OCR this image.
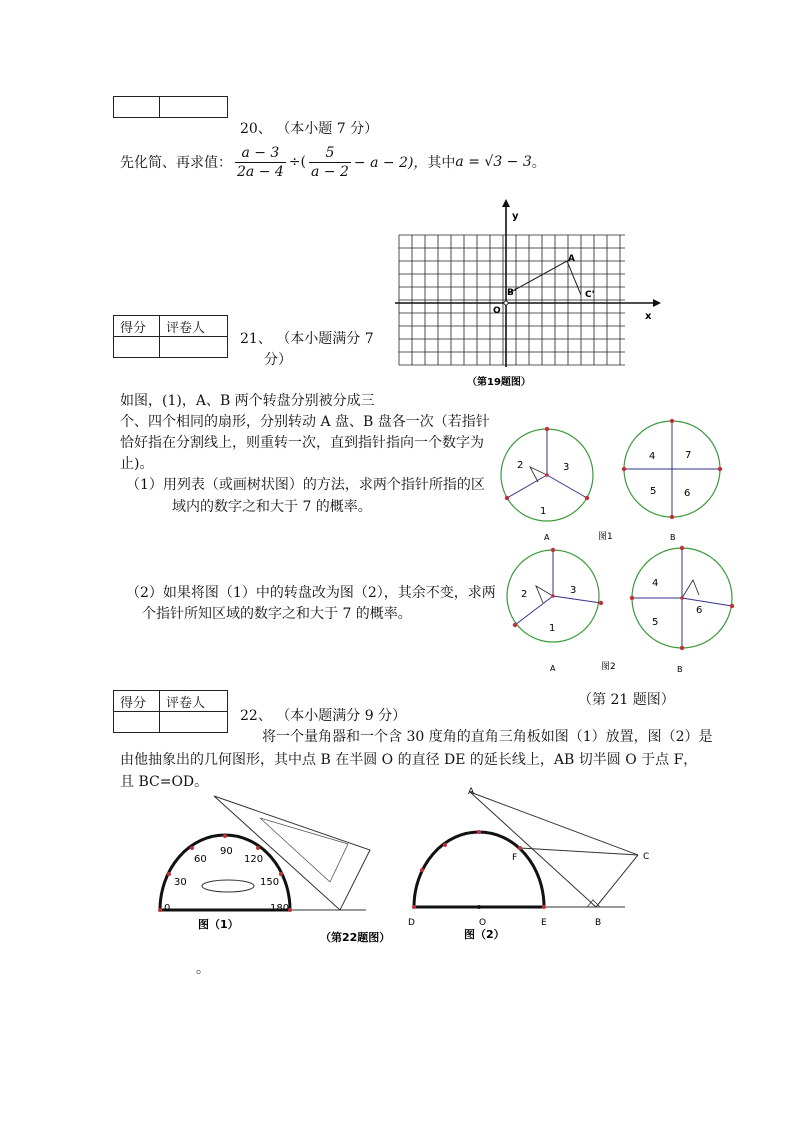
20、 （本小题 7 分）
先化简、再求值： $\frac{a - 3}{2a - 4}$ ÷( $\frac{5}{a - 2} - a - 2$)， 其中 a = √3 − 3 。
y
x
O
A
B'	C'
（第19题图）
得分	评卷人

21、 （本小题满分 7
分）
如图，(1)，A、B 两个转盘分别被分成三
个、四个相同的扇形，分别转动 A 盘、B 盘各一次（若指针
恰好指在分割线上，则重转一次，直到指针指向一个数字为
止)。
（1）用列表（或画树状图）的方法，求两个指针所指的区
域内的数字之和大于 7 的概率。
（2）如果将图（1）中的转盘改为图（2），其余不变，求两
个指针所知区域的数字之和大于 7 的概率。
2	3
1
4	7
5	6
A	图1	B
2	3
1
4
6
5
A	图2	B
（第 21 题图）
得分	评卷人

22、 （本小题满分 9 分）
将一个量角器和一个含 30 度角的直角三角板如图（1）放置，图（2）是
由他抽象出的几何图形，其中点 B 在半圆 O 的直径 DE 的延长线上，AB 切半圆 O 于点 F，
且 BC=OD。
0
30
60
90
120
150
180
图（1）
（第22题图）
A
F	C
D	O	E	B
图（2）
。
